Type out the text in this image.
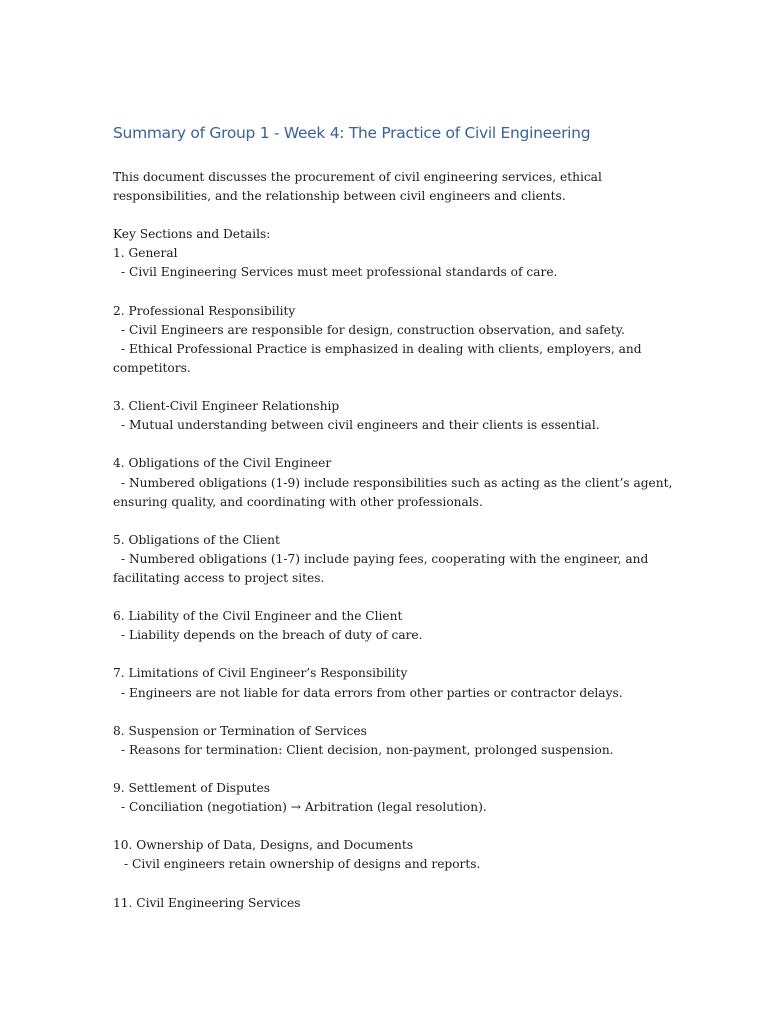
Summary of Group 1 - Week 4: The Practice of Civil Engineering
This document discusses the procurement of civil engineering services, ethical
responsibilities, and the relationship between civil engineers and clients.
Key Sections and Details:
1. General
- Civil Engineering Services must meet professional standards of care.
2. Professional Responsibility
- Civil Engineers are responsible for design, construction observation, and safety.
- Ethical Professional Practice is emphasized in dealing with clients, employers, and
competitors.
3. Client-Civil Engineer Relationship
- Mutual understanding between civil engineers and their clients is essential.
4. Obligations of the Civil Engineer
- Numbered obligations (1-9) include responsibilities such as acting as the client’s agent,
ensuring quality, and coordinating with other professionals.
5. Obligations of the Client
- Numbered obligations (1-7) include paying fees, cooperating with the engineer, and
facilitating access to project sites.
6. Liability of the Civil Engineer and the Client
- Liability depends on the breach of duty of care.
7. Limitations of Civil Engineer’s Responsibility
- Engineers are not liable for data errors from other parties or contractor delays.
8. Suspension or Termination of Services
- Reasons for termination: Client decision, non-payment, prolonged suspension.
9. Settlement of Disputes
- Conciliation (negotiation) → Arbitration (legal resolution).
10. Ownership of Data, Designs, and Documents
- Civil engineers retain ownership of designs and reports.
11. Civil Engineering Services
